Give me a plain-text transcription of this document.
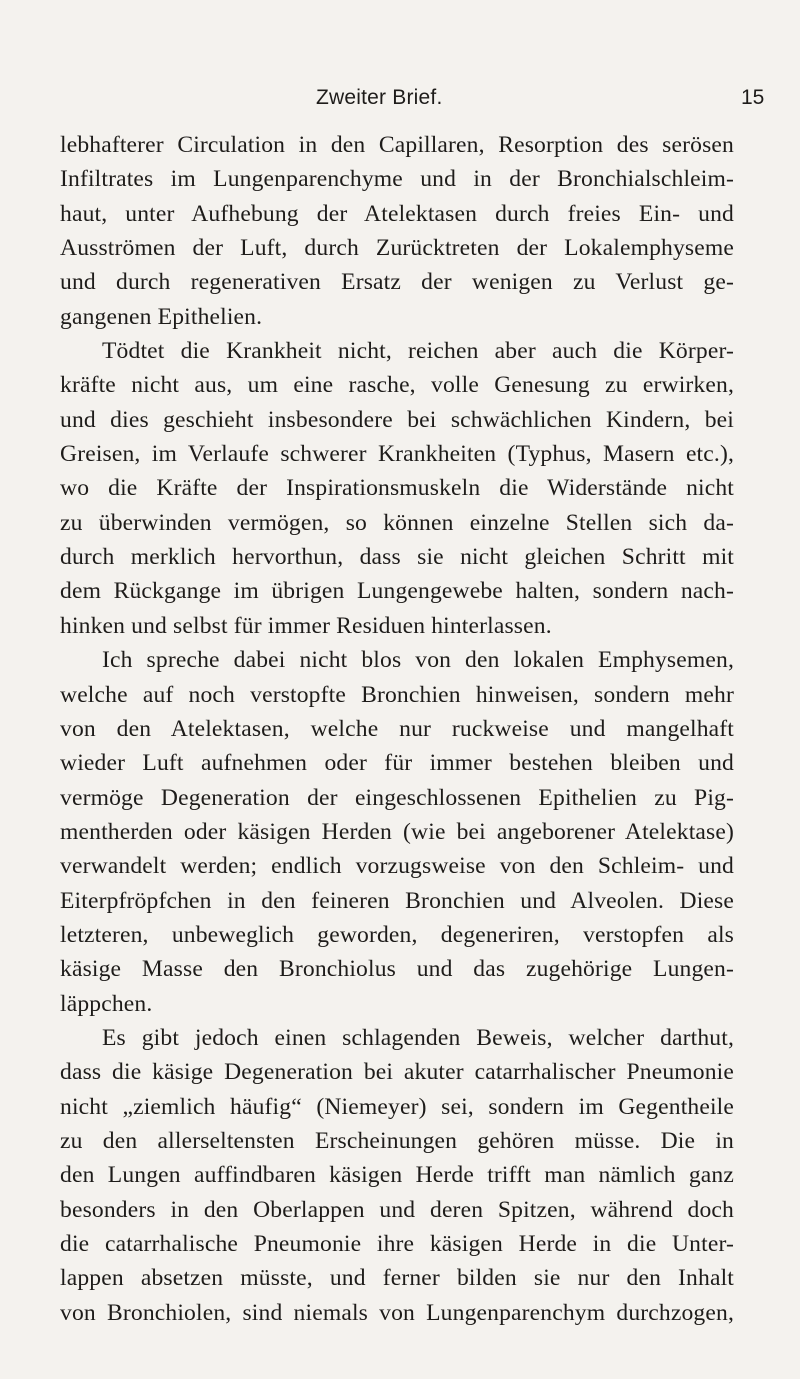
Zweiter Brief.	15
lebhafterer Circulation in den Capillaren, Resorption des serösen
Infiltrates im Lungenparenchyme und in der Bronchialschleim-
haut, unter Aufhebung der Atelektasen durch freies Ein- und
Ausströmen der Luft, durch Zurücktreten der Lokalemphyseme
und durch regenerativen Ersatz der wenigen zu Verlust ge-
gangenen Epithelien.
Tödtet die Krankheit nicht, reichen aber auch die Körper-
kräfte nicht aus, um eine rasche, volle Genesung zu erwirken,
und dies geschieht insbesondere bei schwächlichen Kindern, bei
Greisen, im Verlaufe schwerer Krankheiten (Typhus, Masern etc.),
wo die Kräfte der Inspirationsmuskeln die Widerstände nicht
zu überwinden vermögen, so können einzelne Stellen sich da-
durch merklich hervorthun, dass sie nicht gleichen Schritt mit
dem Rückgange im übrigen Lungengewebe halten, sondern nach-
hinken und selbst für immer Residuen hinterlassen.
Ich spreche dabei nicht blos von den lokalen Emphysemen,
welche auf noch verstopfte Bronchien hinweisen, sondern mehr
von den Atelektasen, welche nur ruckweise und mangelhaft
wieder Luft aufnehmen oder für immer bestehen bleiben und
vermöge Degeneration der eingeschlossenen Epithelien zu Pig-
mentherden oder käsigen Herden (wie bei angeborener Atelektase)
verwandelt werden; endlich vorzugsweise von den Schleim- und
Eiterpfröpfchen in den feineren Bronchien und Alveolen. Diese
letzteren, unbeweglich geworden, degeneriren, verstopfen als
käsige Masse den Bronchiolus und das zugehörige Lungen-
läppchen.
Es gibt jedoch einen schlagenden Beweis, welcher darthut,
dass die käsige Degeneration bei akuter catarrhalischer Pneumonie
nicht „ziemlich häufig“ (Niemeyer) sei, sondern im Gegentheile
zu den allerseltensten Erscheinungen gehören müsse. Die in
den Lungen auffindbaren käsigen Herde trifft man nämlich ganz
besonders in den Oberlappen und deren Spitzen, während doch
die catarrhalische Pneumonie ihre käsigen Herde in die Unter-
lappen absetzen müsste, und ferner bilden sie nur den Inhalt
von Bronchiolen, sind niemals von Lungenparenchym durchzogen,
